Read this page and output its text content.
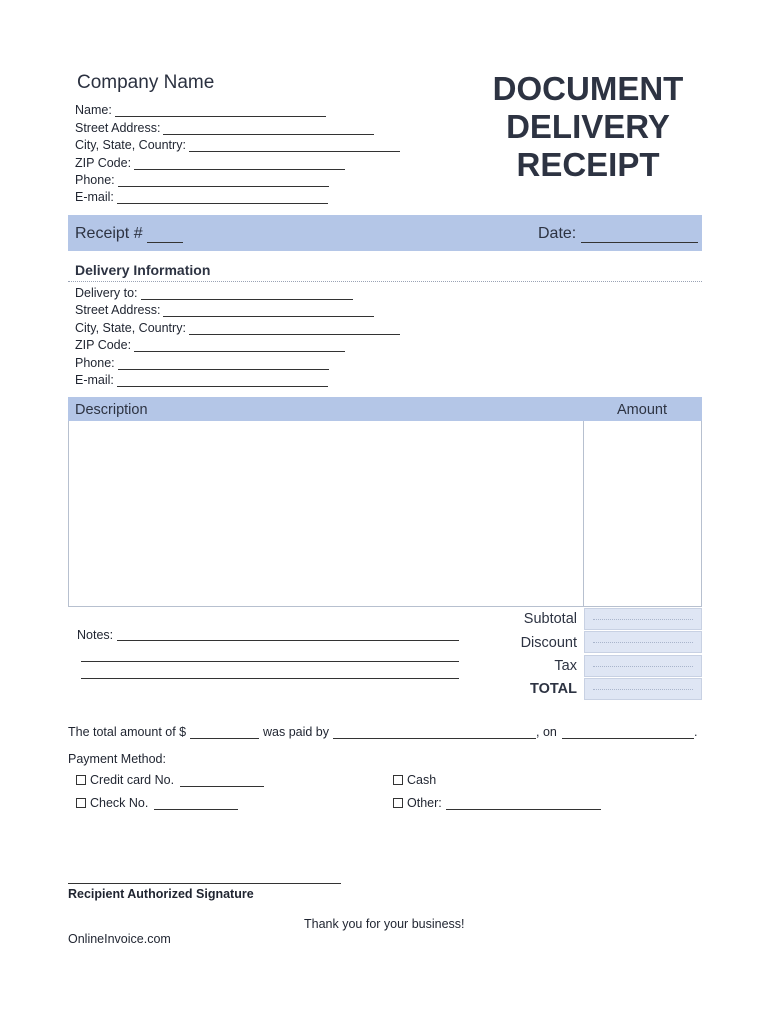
Company Name
Name:
Street Address:
City, State, Country:
ZIP Code:
Phone:
E-mail:
DOCUMENT
DELIVERY
RECEIPT
Receipt #	Date:
Delivery Information
Delivery to:
Street Address:
City, State, Country:
ZIP Code:
Phone:
E-mail:
Description	Amount
Subtotal
Discount
Tax
TOTAL
Notes:
The total amount of $	was paid by	, on	.
Payment Method:
Credit card No.	Cash
Check No.	Other:
Recipient Authorized Signature
Thank you for your business!
OnlineInvoice.com
